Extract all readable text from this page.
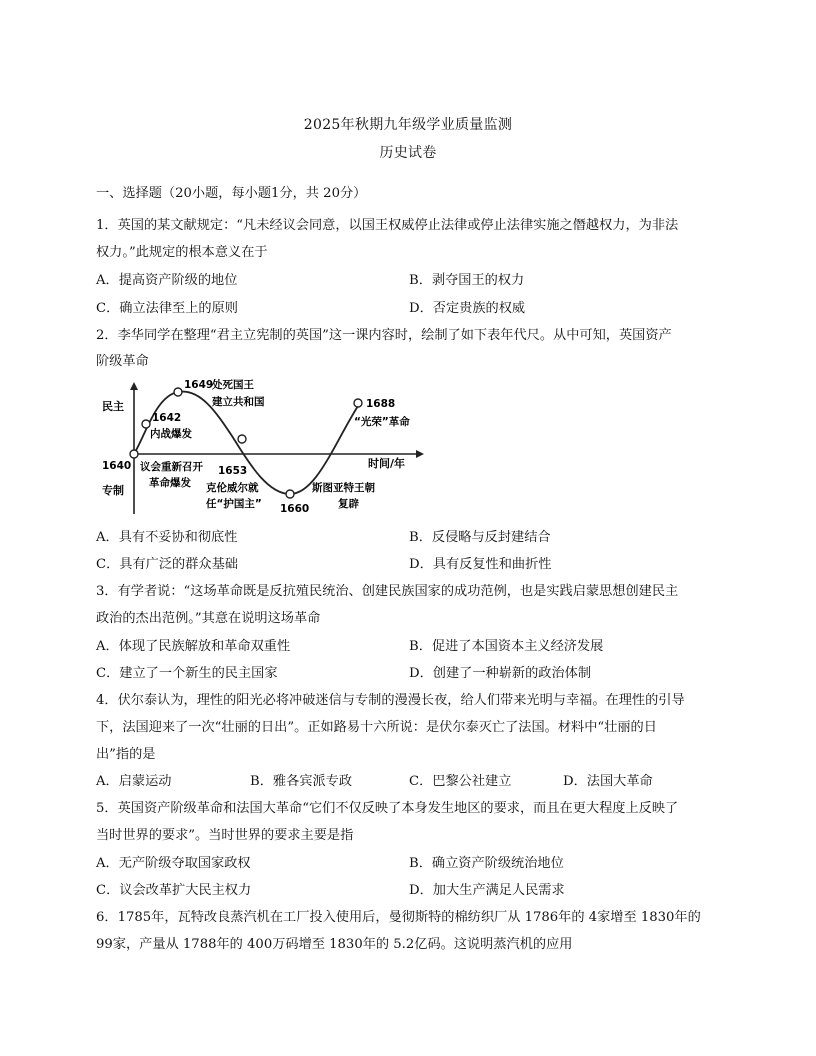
2025年秋期九年级学业质量监测
历史试卷
一、选择题（20小题，每小题1分，共 20分）
1．英国的某文献规定：“凡未经议会同意，以国王权威停止法律或停止法律实施之僭越权力，为非法
权力。”此规定的根本意义在于
A．提高资产阶级的地位	B．剥夺国王的权力
C．确立法律至上的原则	D．否定贵族的权威
2．李华同学在整理“君主立宪制的英国”这一课内容时，绘制了如下表年代尺。从中可知，英国资产
阶级革命
民主
专制
时间/年
1640 议会重新召开
革命爆发
1642
内战爆发
1649
处死国王
建立共和国
1653
克伦威尔就
任“护国主” 1660
斯图亚特王朝
复辟
1688
“光荣”革命
A．具有不妥协和彻底性	B．反侵略与反封建结合
C．具有广泛的群众基础	D．具有反复性和曲折性
3．有学者说：“这场革命既是反抗殖民统治、创建民族国家的成功范例，也是实践启蒙思想创建民主
政治的杰出范例。”其意在说明这场革命
A．体现了民族解放和革命双重性	B．促进了本国资本主义经济发展
C．建立了一个新生的民主国家	D．创建了一种崭新的政治体制
4．伏尔泰认为，理性的阳光必将冲破迷信与专制的漫漫长夜，给人们带来光明与幸福。在理性的引导
下，法国迎来了一次“壮丽的日出”。正如路易十六所说：是伏尔泰灭亡了法国。材料中“壮丽的日
出”指的是
A．启蒙运动	B．雅各宾派专政	C．巴黎公社建立	D．法国大革命
5．英国资产阶级革命和法国大革命“它们不仅反映了本身发生地区的要求，而且在更大程度上反映了
当时世界的要求”。当时世界的要求主要是指
A．无产阶级夺取国家政权	B．确立资产阶级统治地位
C．议会改革扩大民主权力	D．加大生产满足人民需求
6．1785年，瓦特改良蒸汽机在工厂投入使用后，曼彻斯特的棉纺织厂从 1786年的 4家增至 1830年的
99家，产量从 1788年的 400万码增至 1830年的 5.2亿码。这说明蒸汽机的应用
